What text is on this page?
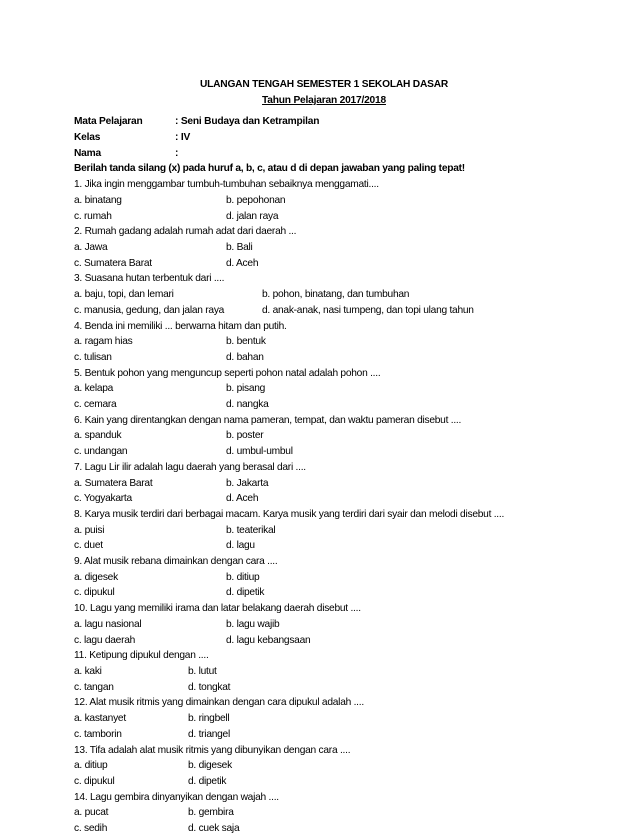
ULANGAN TENGAH SEMESTER 1 SEKOLAH DASAR
Tahun Pelajaran 2017/2018
Mata Pelajaran	: Seni Budaya dan Ketrampilan
Kelas	: IV
Nama	:
Berilah tanda silang (x) pada huruf a, b, c, atau d di depan jawaban yang paling tepat!
1. Jika ingin menggambar tumbuh-tumbuhan sebaiknya menggamati....
a. binatang	b. pepohonan
c. rumah	d. jalan raya
2. Rumah gadang adalah rumah adat dari daerah ...
a. Jawa	b. Bali
c. Sumatera Barat	d. Aceh
3. Suasana hutan terbentuk dari ....
a. baju, topi, dan lemari	b. pohon, binatang, dan tumbuhan
c. manusia, gedung, dan jalan raya	d. anak-anak, nasi tumpeng, dan topi ulang tahun
4. Benda ini memiliki ... berwarna hitam dan putih.
a. ragam hias	b. bentuk
c. tulisan	d. bahan
5. Bentuk pohon yang menguncup seperti pohon natal adalah pohon ....
a. kelapa	b. pisang
c. cemara	d. nangka
6. Kain yang direntangkan dengan nama pameran, tempat, dan waktu pameran disebut ....
a. spanduk	b. poster
c. undangan	d. umbul-umbul
7. Lagu Lir ilir adalah lagu daerah yang berasal dari ....
a. Sumatera Barat	b. Jakarta
c. Yogyakarta	d. Aceh
8. Karya musik terdiri dari berbagai macam. Karya musik yang terdiri dari syair dan melodi disebut ....
a. puisi	b. teaterikal
c. duet	d. lagu
9. Alat musik rebana dimainkan dengan cara ....
a. digesek	b. ditiup
c. dipukul	d. dipetik
10. Lagu yang memiliki irama dan latar belakang daerah disebut ....
a. lagu nasional	b. lagu wajib
c. lagu daerah	d. lagu kebangsaan
11. Ketipung dipukul dengan ....
a. kaki	b. lutut
c. tangan	d. tongkat
12. Alat musik ritmis yang dimainkan dengan cara dipukul adalah ....
a. kastanyet	b. ringbell
c. tamborin	d. triangel
13. Tifa adalah alat musik ritmis yang dibunyikan dengan cara ....
a. ditiup	b. digesek
c. dipukul	d. dipetik
14. Lagu gembira dinyanyikan dengan wajah ....
a. pucat	b. gembira
c. sedih	d. cuek saja
